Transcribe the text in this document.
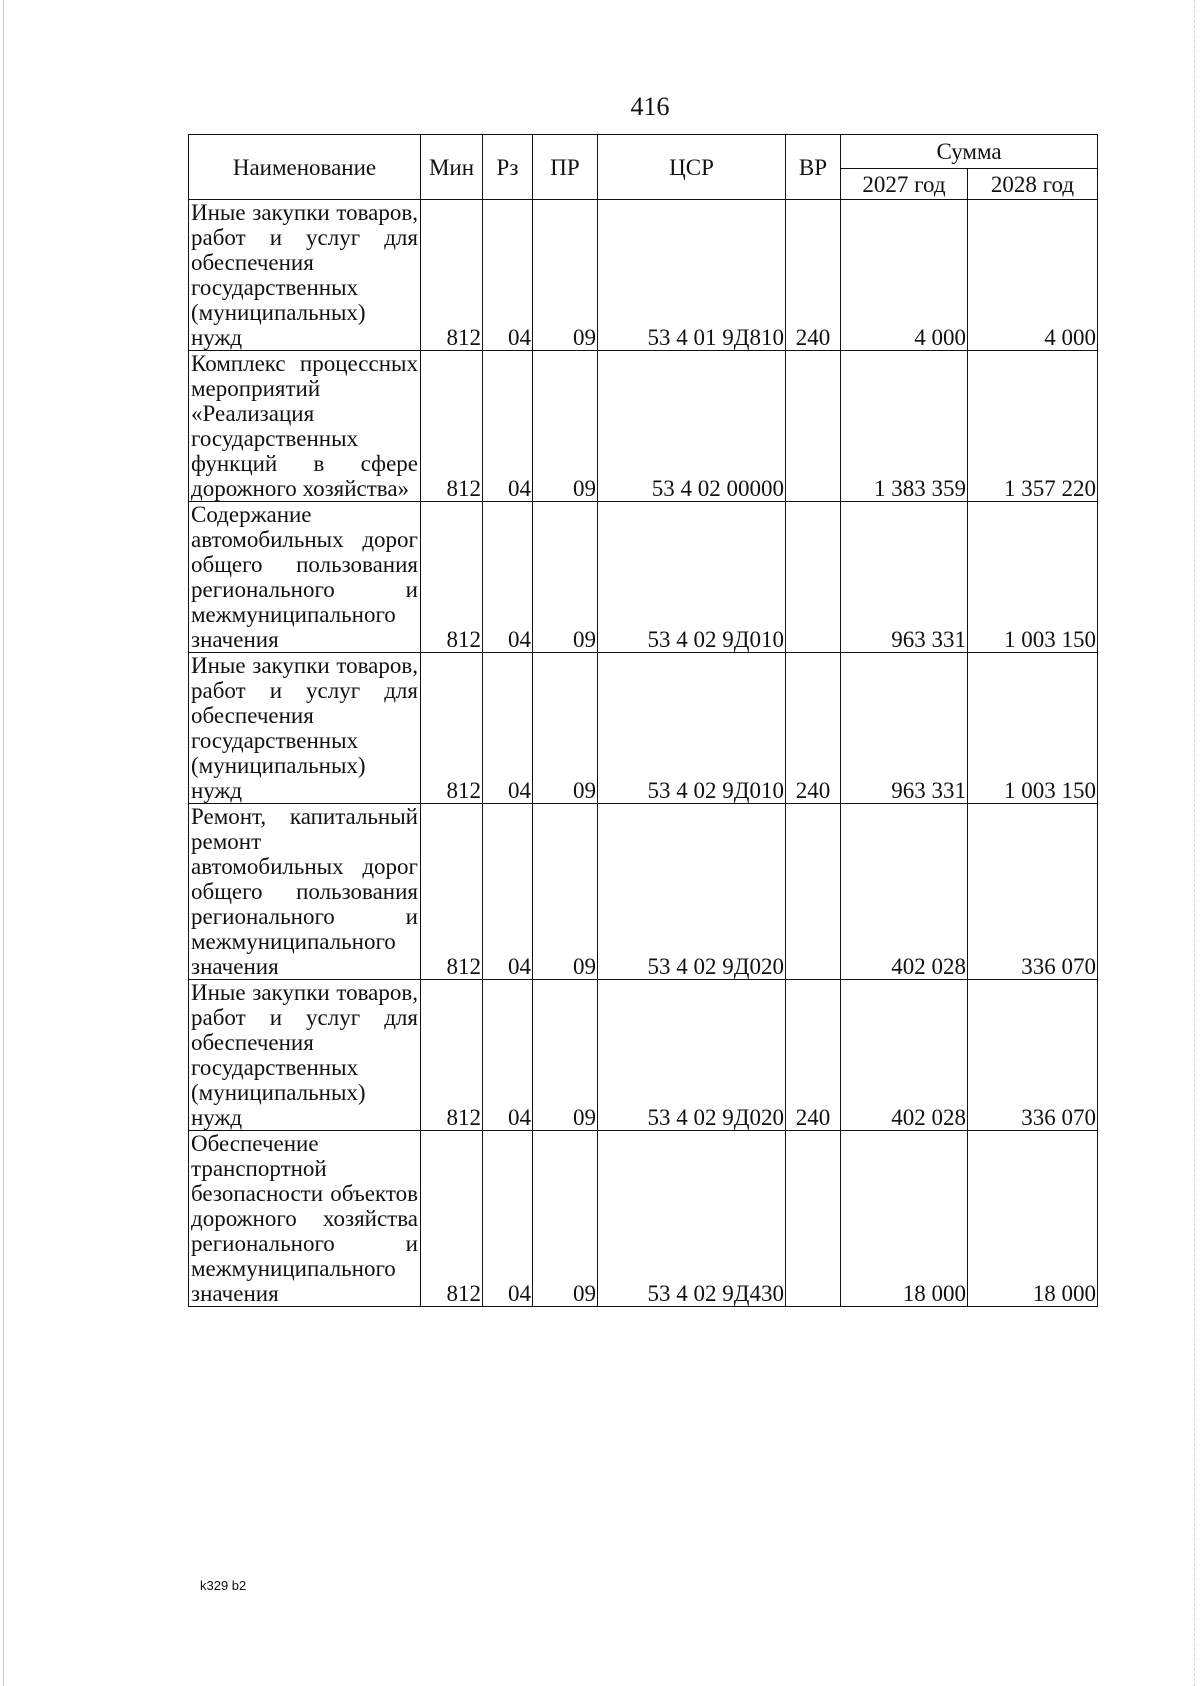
416
Наименование	Мин	Рз	ПР	ЦСР	ВР	Сумма	
						2027 год	2028 год
Иные закупки товаров, работ и услуг для обеспечения государственных (муниципальных) нужд	812	04	09	53 4 01 9Д810	240	4 000	4 000
Комплекс процессных мероприятий «Реализация государственных функций в сфере дорожного хозяйства»	812	04	09	53 4 02 00000		1 383 359	1 357 220
Содержание автомобильных дорог общего пользования регионального и межмуниципального значения	812	04	09	53 4 02 9Д010		963 331	1 003 150
Иные закупки товаров, работ и услуг для обеспечения государственных (муниципальных) нужд	812	04	09	53 4 02 9Д010	240	963 331	1 003 150
Ремонт, капитальный ремонт автомобильных дорог общего пользования регионального и межмуниципального значения	812	04	09	53 4 02 9Д020		402 028	336 070
Иные закупки товаров, работ и услуг для обеспечения государственных (муниципальных) нужд	812	04	09	53 4 02 9Д020	240	402 028	336 070
Обеспечение транспортной безопасности объектов дорожного хозяйства регионального и межмуниципального значения	812	04	09	53 4 02 9Д430		18 000	18 000
k329 b2
